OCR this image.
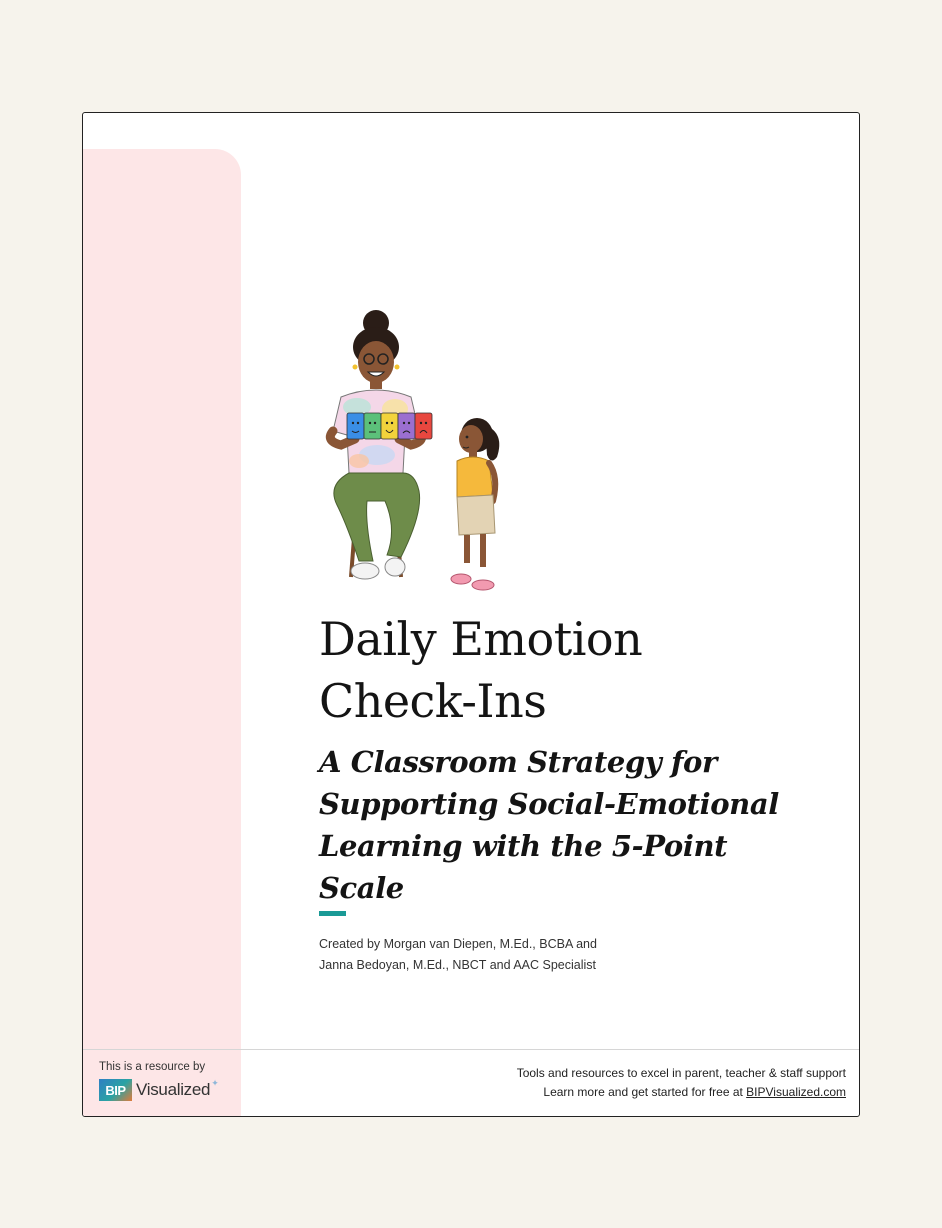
Daily Emotion
Check-Ins
A Classroom Strategy for
Supporting Social-Emotional
Learning with the 5-Point Scale
Created by Morgan van Diepen, M.Ed., BCBA and
Janna Bedoyan, M.Ed., NBCT and AAC Specialist
This is a resource by
BIP Visualized ✦
Tools and resources to excel in parent, teacher & staff support
Learn more and get started for free at BIPVisualized.com
